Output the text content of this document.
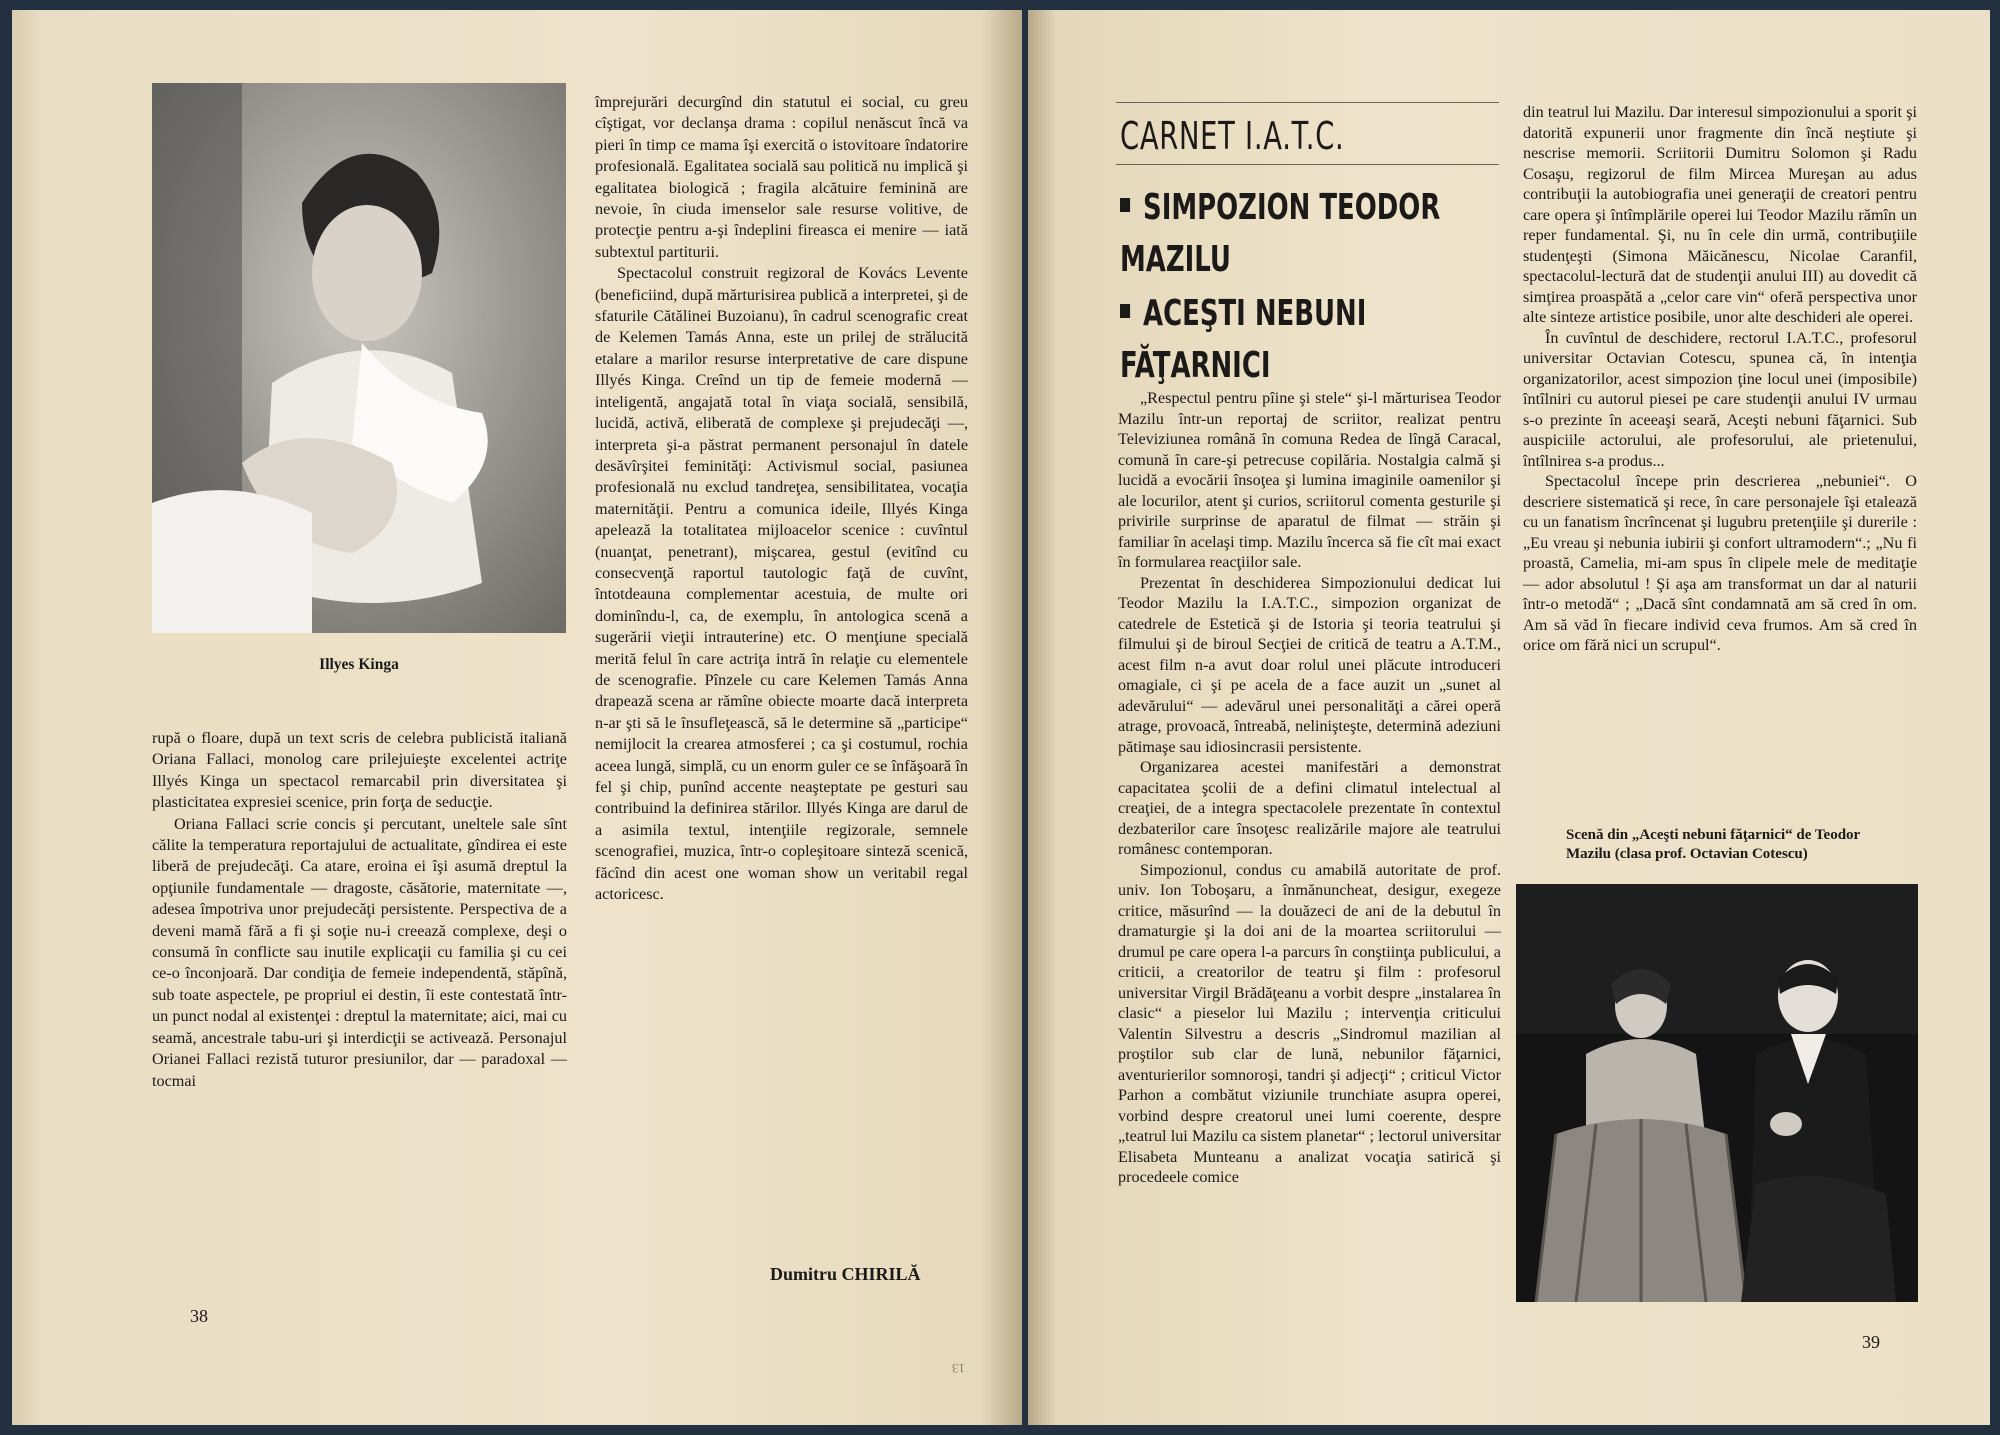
Illyes Kinga

rupă o floare, după un text scris de celebra publicistă italiană Oriana Fallaci, monolog care prilejuieşte excelentei actriţe Illyés Kinga un spectacol remarcabil prin diversitatea şi plasticitatea expresiei scenice, prin forţa de seducţie.

Oriana Fallaci scrie concis şi percutant, uneltele sale sînt călite la temperatura reportajului de actualitate, gîndirea ei este liberă de prejudecăţi. Ca atare, eroina ei îşi asumă dreptul la opţiunile fundamentale — dragoste, căsătorie, maternitate —, adesea împotriva unor prejudecăţi persistente. Perspectiva de a deveni mamă fără a fi şi soţie nu-i creează complexe, deşi o consumă în conflicte sau inutile explicaţii cu familia şi cu cei ce-o înconjoară. Dar condiţia de femeie independentă, stăpînă, sub toate aspectele, pe propriul ei destin, îi este contestată într-un punct nodal al existenţei : dreptul la maternitate; aici, mai cu seamă, ancestrale tabu-uri şi interdicţii se activează. Personajul Orianei Fallaci rezistă tuturor presiunilor, dar — paradoxal — tocmai

împrejurări decurgînd din statutul ei social, cu greu cîştigat, vor declanşa drama : copilul nenăscut încă va pieri în timp ce mama îşi exercită o istovitoare îndatorire profesională. Egalitatea socială sau politică nu implică şi egalitatea biologică ; fragila alcătuire feminină are nevoie, în ciuda imenselor sale resurse volitive, de protecţie pentru a-şi îndeplini fireasca ei menire — iată subtextul partiturii.

Spectacolul construit regizoral de Kovács Levente (beneficiind, după mărturisirea publică a interpretei, şi de sfaturile Cătălinei Buzoianu), în cadrul scenografic creat de Kelemen Tamás Anna, este un prilej de strălucită etalare a marilor resurse interpretative de care dispune Illyés Kinga. Creînd un tip de femeie modernă — inteligentă, angajată total în viaţa socială, sensibilă, lucidă, activă, eliberată de complexe şi prejudecăţi —, interpreta şi-a păstrat permanent personajul în datele desăvîrşitei feminităţi: Activismul social, pasiunea profesională nu exclud tandreţea, sensibilitatea, vocaţia maternităţii. Pentru a comunica ideile, Illyés Kinga apelează la totalitatea mijloacelor scenice : cuvîntul (nuanţat, penetrant), mişcarea, gestul (evitînd cu consecvenţă raportul tautologic faţă de cuvînt, întotdeauna complementar acestuia, de multe ori dominîndu-l, ca, de exemplu, în antologica scenă a sugerării vieţii intrauterine) etc. O menţiune specială merită felul în care actriţa intră în relaţie cu elementele de scenografie. Pînzele cu care Kelemen Tamás Anna drapează scena ar rămîne obiecte moarte dacă interpreta n-ar şti să le însufleţească, să le determine să „participe“ nemijlocit la crearea atmosferei ; ca şi costumul, rochia aceea lungă, simplă, cu un enorm guler ce se înfăşoară în fel şi chip, punînd accente neaşteptate pe gesturi sau contribuind la definirea stărilor. Illyés Kinga are darul de a asimila textul, intenţiile regizorale, semnele scenografiei, muzica, într-o copleşitoare sinteză scenică, făcînd din acest one woman show un veritabil regal actoricesc.

Dumitru CHIRILĂ
38
13
CARNET I.A.T.C.
SIMPOZION TEODOR MAZILU
ACEŞTI NEBUNI FĂŢARNICI

„Respectul pentru pîine şi stele“ şi-l mărturisea Teodor Mazilu într-un reportaj de scriitor, realizat pentru Televiziunea română în comuna Redea de lîngă Caracal, comună în care-şi petrecuse copilăria. Nostalgia calmă şi lucidă a evocării însoţea şi lumina imaginile oamenilor şi ale locurilor, atent şi curios, scriitorul comenta gesturile şi privirile surprinse de aparatul de filmat — străin şi familiar în acelaşi timp. Mazilu încerca să fie cît mai exact în formularea reacţiilor sale.

Prezentat în deschiderea Simpozionului dedicat lui Teodor Mazilu la I.A.T.C., simpozion organizat de catedrele de Estetică şi de Istoria şi teoria teatrului şi filmului şi de biroul Secţiei de critică de teatru a A.T.M., acest film n-a avut doar rolul unei plăcute introduceri omagiale, ci şi pe acela de a face auzit un „sunet al adevărului“ — adevărul unei personalităţi a cărei operă atrage, provoacă, întreabă, nelinişteşte, determină adeziuni pătimaşe sau idiosincrasii persistente.

Organizarea acestei manifestări a demonstrat capacitatea şcolii de a defini climatul intelectual al creaţiei, de a integra spectacolele prezentate în contextul dezbaterilor care însoţesc realizările majore ale teatrului românesc contemporan.

Simpozionul, condus cu amabilă autoritate de prof. univ. Ion Toboşaru, a înmănuncheat, desigur, exegeze critice, măsurînd — la douăzeci de ani de la debutul în dramaturgie şi la doi ani de la moartea scriitorului — drumul pe care opera l-a parcurs în conştiinţa publicului, a criticii, a creatorilor de teatru şi film : profesorul universitar Virgil Brădăţeanu a vorbit despre „instalarea în clasic“ a pieselor lui Mazilu ; intervenţia criticului Valentin Silvestru a descris „Sindromul mazilian al proştilor sub clar de lună, nebunilor făţarnici, aventurierilor somnoroşi, tandri şi adjecţi“ ; criticul Victor Parhon a combătut viziunile trunchiate asupra operei, vorbind despre creatorul unei lumi coerente, despre „teatrul lui Mazilu ca sistem planetar“ ; lectorul universitar Elisabeta Munteanu a analizat vocaţia satirică şi procedeele comice

din teatrul lui Mazilu. Dar interesul simpozionului a sporit şi datorită expunerii unor fragmente din încă neştiute şi nescrise memorii. Scriitorii Dumitru Solomon şi Radu Cosaşu, regizorul de film Mircea Mureşan au adus contribuţii la autobiografia unei generaţii de creatori pentru care opera şi întîmplările operei lui Teodor Mazilu rămîn un reper fundamental. Şi, nu în cele din urmă, contribuţiile studenţeşti (Simona Măicănescu, Nicolae Caranfil, spectacolul-lectură dat de studenţii anului III) au dovedit că simţirea proaspătă a „celor care vin“ oferă perspectiva unor alte sinteze artistice posibile, unor alte deschideri ale operei.

În cuvîntul de deschidere, rectorul I.A.T.C., profesorul universitar Octavian Cotescu, spunea că, în intenţia organizatorilor, acest simpozion ţine locul unei (imposibile) întîlniri cu autorul piesei pe care studenţii anului IV urmau s-o prezinte în aceeaşi seară, Aceşti nebuni făţarnici. Sub auspiciile actorului, ale profesorului, ale prietenului, întîlnirea s-a produs...

Spectacolul începe prin descrierea „nebuniei“. O descriere sistematică şi rece, în care personajele îşi etalează cu un fanatism încrîncenat şi lugubru pretenţiile şi durerile : „Eu vreau şi nebunia iubirii şi confort ultramodern“.; „Nu fi proastă, Camelia, mi-am spus în clipele mele de meditaţie — ador absolutul ! Şi aşa am transformat un dar al naturii într-o metodă“ ; „Dacă sînt condamnată am să cred în om. Am să văd în fiecare individ ceva frumos. Am să cred în orice om fără nici un scrupul“.

Scenă din „Aceşti nebuni făţarnici“ de Teodor Mazilu (clasa prof. Octavian Cotescu)
39
